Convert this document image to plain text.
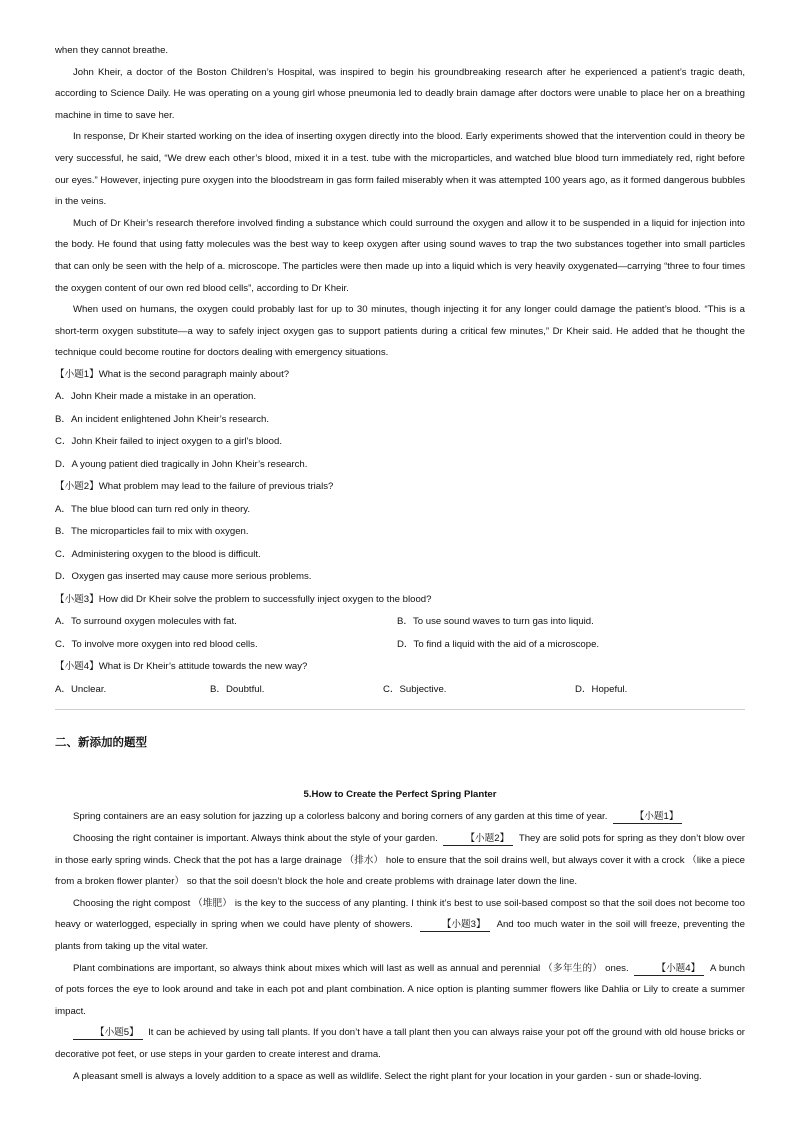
when they cannot breathe.

John Kheir, a doctor of the Boston Children’s Hospital, was inspired to begin his groundbreaking research after he experienced a patient’s tragic death, according to Science Daily. He was operating on a young girl whose pneumonia led to deadly brain damage after doctors were unable to place her on a breathing machine in time to save her.

In response, Dr Kheir started working on the idea of inserting oxygen directly into the blood. Early experiments showed that the intervention could in theory be very successful, he said, “We drew each other’s blood, mixed it in a test. tube with the microparticles, and watched blue blood turn immediately red, right before our eyes.” However, injecting pure oxygen into the bloodstream in gas form failed miserably when it was attempted 100 years ago, as it formed dangerous bubbles in the veins.

Much of Dr Kheir’s research therefore involved finding a substance which could surround the oxygen and allow it to be suspended in a liquid for injection into the body. He found that using fatty molecules was the best way to keep oxygen after using sound waves to trap the two substances together into small particles that can only be seen with the help of a. microscope. The particles were then made up into a liquid which is very heavily oxygenated—carrying “three to four times the oxygen content of our own red blood cells”, according to Dr Kheir.

When used on humans, the oxygen could probably last for up to 30 minutes, though injecting it for any longer could damage the patient’s blood. “This is a short-term oxygen substitute—a way to safely inject oxygen gas to support patients during a critical few minutes,” Dr Kheir said. He added that he thought the technique could become routine for doctors dealing with emergency situations.

【小题1】What is the second paragraph mainly about?

A．John Kheir made a mistake in an operation.

B．An incident enlightened John Kheir’s research.

C．John Kheir failed to inject oxygen to a girl’s blood.

D．A young patient died tragically in John Kheir’s research.

【小题2】What problem may lead to the failure of previous trials?

A．The blue blood can turn red only in theory.

B．The microparticles fail to mix with oxygen.

C．Administering oxygen to the blood is difficult.

D．Oxygen gas inserted may cause more serious problems.

【小题3】How did Dr Kheir solve the problem to successfully inject oxygen to the blood?

A．To surround oxygen molecules with fat.	B．To use sound waves to turn gas into liquid.
C．To involve more oxygen into red blood cells.	D．To find a liquid with the aid of a microscope.

【小题4】What is Dr Kheir’s attitude towards the new way?

A．Unclear.	B．Doubtful.	C．Subjective.	D．Hopeful.

二、新添加的题型

5.How to Create the Perfect Spring Planter

Spring containers are an easy solution for jazzing up a colorless balcony and boring corners of any garden at this time of year.	【小题1】

Choosing the right container is important. Always think about the style of your garden.	【小题2】 They are solid pots for spring as they don’t blow over in those early spring winds. Check that the pot has a large drainage （排水） hole to ensure that the soil drains well, but always cover it with a crock （like a piece from a broken flower planter） so that the soil doesn’t block the hole and create problems with drainage later down the line.

Choosing the right compost （堆肥） is the key to the success of any planting. I think it’s best to use soil-based compost so that the soil does not become too heavy or waterlogged, especially in spring when we could have plenty of showers.	【小题3】 And too much water in the soil will freeze, preventing the plants from taking up the vital water.

Plant combinations are important, so always think about mixes which will last as well as annual and perennial （多年生的） ones.	【小题4】 A bunch of pots forces the eye to look around and take in each pot and plant combination. A nice option is planting summer flowers like Dahlia or Lily to create a summer impact.

【小题5】 It can be achieved by using tall plants. If you don’t have a tall plant then you can always raise your pot off the ground with old house bricks or decorative pot feet, or use steps in your garden to create interest and drama.

A pleasant smell is always a lovely addition to a space as well as wildlife. Select the right plant for your location in your garden - sun or shade-loving.
